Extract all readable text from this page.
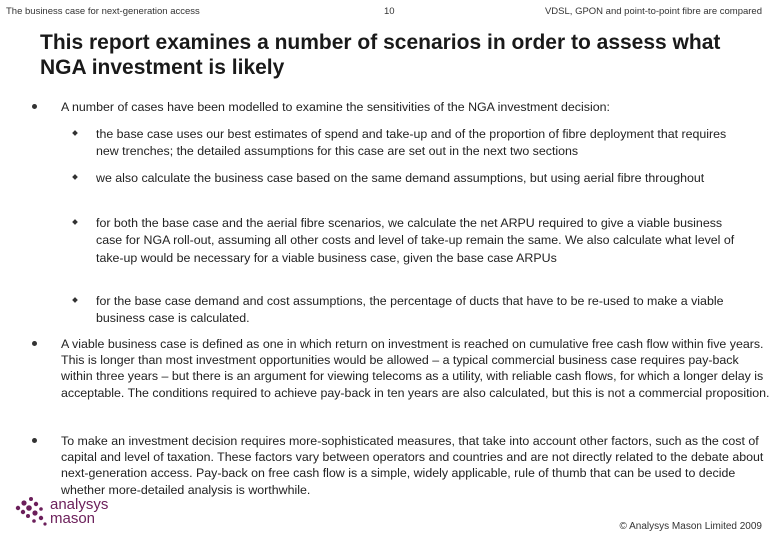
The business case for next-generation access	10	VDSL, GPON and point-to-point fibre are compared
This report examines a number of scenarios in order to assess what NGA investment is likely
A number of cases have been modelled to examine the sensitivities of the NGA investment decision:
the base case uses our best estimates of spend and take-up and of the proportion of fibre deployment that requires new trenches; the detailed assumptions for this case are set out in the next two sections
we also calculate the business case based on the same demand assumptions, but using aerial fibre throughout
for both the base case and the aerial fibre scenarios, we calculate the net ARPU required to give a viable business case for NGA roll-out, assuming all other costs and level of take-up remain the same. We also calculate what level of take-up would be necessary for a viable business case, given the base case ARPUs
for the base case demand and cost assumptions, the percentage of ducts that have to be re-used to make a viable business case is calculated.
A viable business case is defined as one in which return on investment is reached on cumulative free cash flow within five years. This is longer than most investment opportunities would be allowed – a typical commercial business case requires pay-back within three years – but there is an argument for viewing telecoms as a utility, with reliable cash flows, for which a longer delay is acceptable. The conditions required to achieve pay-back in ten years are also calculated, but this is not a commercial proposition.
To make an investment decision requires more-sophisticated measures, that take into account other factors, such as the cost of capital and level of taxation. These factors vary between operators and countries and are not directly related to the debate about next-generation access. Pay-back on free cash flow is a simple, widely applicable, rule of thumb that can be used to decide whether more-detailed analysis is worthwhile.
analysys
mason	© Analysys Mason Limited 2009
